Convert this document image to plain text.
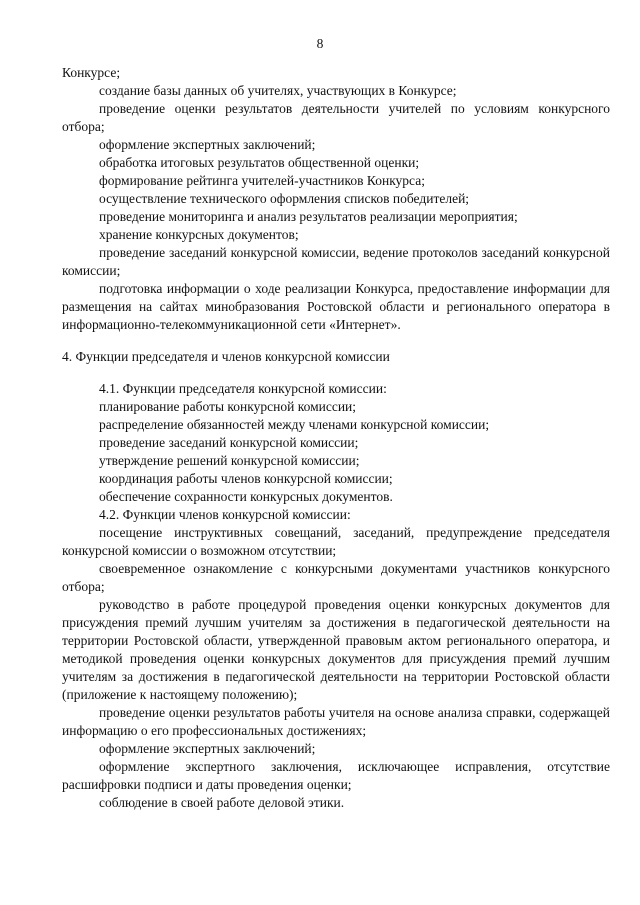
8

Конкурсе;

создание базы данных об учителях, участвующих в Конкурсе;

проведение оценки результатов деятельности учителей по условиям конкурсного отбора;

оформление экспертных заключений;

обработка итоговых результатов общественной оценки;

формирование рейтинга учителей-участников Конкурса;

осуществление технического оформления списков победителей;

проведение мониторинга и анализ результатов реализации мероприятия;

хранение конкурсных документов;

проведение заседаний конкурсной комиссии, ведение протоколов заседаний конкурсной комиссии;

подготовка информации о ходе реализации Конкурса, предоставление информации для размещения на сайтах минобразования Ростовской области и регионального оператора в информационно-телекоммуникационной сети «Интернет».

4. Функции председателя и членов конкурсной комиссии

4.1. Функции председателя конкурсной комиссии:

планирование работы конкурсной комиссии;

распределение обязанностей между членами конкурсной комиссии;

проведение заседаний конкурсной комиссии;

утверждение решений конкурсной комиссии;

координация работы членов конкурсной комиссии;

обеспечение сохранности конкурсных документов.

4.2. Функции членов конкурсной комиссии:

посещение инструктивных совещаний, заседаний, предупреждение председателя конкурсной комиссии о возможном отсутствии;

своевременное ознакомление с конкурсными документами участников конкурсного отбора;

руководство в работе процедурой проведения оценки конкурсных документов для присуждения премий лучшим учителям за достижения в педагогической деятельности на территории Ростовской области, утвержденной правовым актом регионального оператора, и методикой проведения оценки конкурсных документов для присуждения премий лучшим учителям за достижения в педагогической деятельности на территории Ростовской области (приложение к настоящему положению);

проведение оценки результатов работы учителя на основе анализа справки, содержащей информацию о его профессиональных достижениях;

оформление экспертных заключений;

оформление экспертного заключения, исключающее исправления, отсутствие расшифровки подписи и даты проведения оценки;

соблюдение в своей работе деловой этики.
